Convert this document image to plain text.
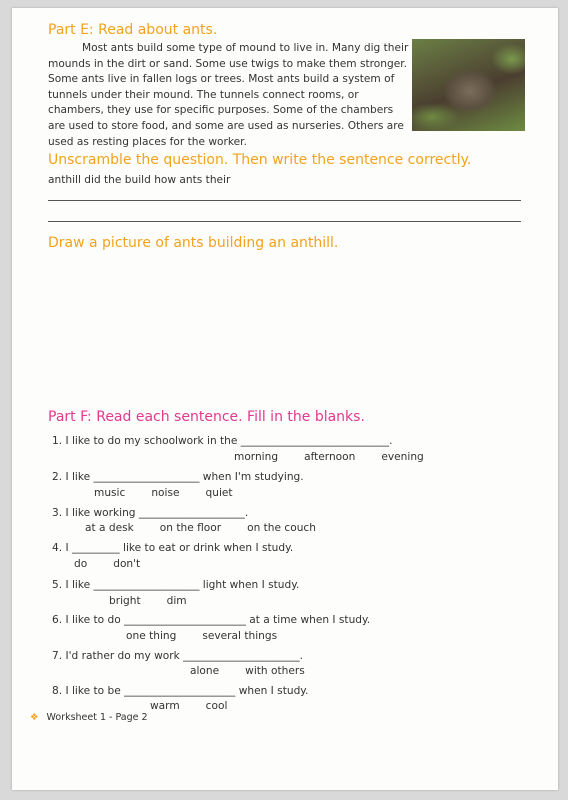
Part E: Read about ants.

Most ants build some type of mound to live in. Many dig their mounds in the dirt or sand. Some use twigs to make them stronger. Some ants live in fallen logs or trees. Most ants build a system of tunnels under their mound. The tunnels connect rooms, or chambers, they use for specific purposes. Some of the chambers are used to store food, and some are used as nurseries. Others are used as resting places for the worker.

Unscramble the question. Then write the sentence correctly.
anthill did the build how ants their
Draw a picture of ants building an anthill.
Part F: Read each sentence. Fill in the blanks.
1. I like to do my schoolwork in the ____________________________.
morning afternoon evening
2. I like ____________________ when I'm studying.
music noise quiet
3. I like working ____________________.
at a desk on the floor on the couch
4. I _________ like to eat or drink when I study.
do don't
5. I like ____________________ light when I study.
bright dim
6. I like to do _______________________ at a time when I study.
one thing several things
7. I'd rather do my work ______________________.
alone with others
8. I like to be _____________________ when I study.
warm cool
❖ Worksheet 1 - Page 2
